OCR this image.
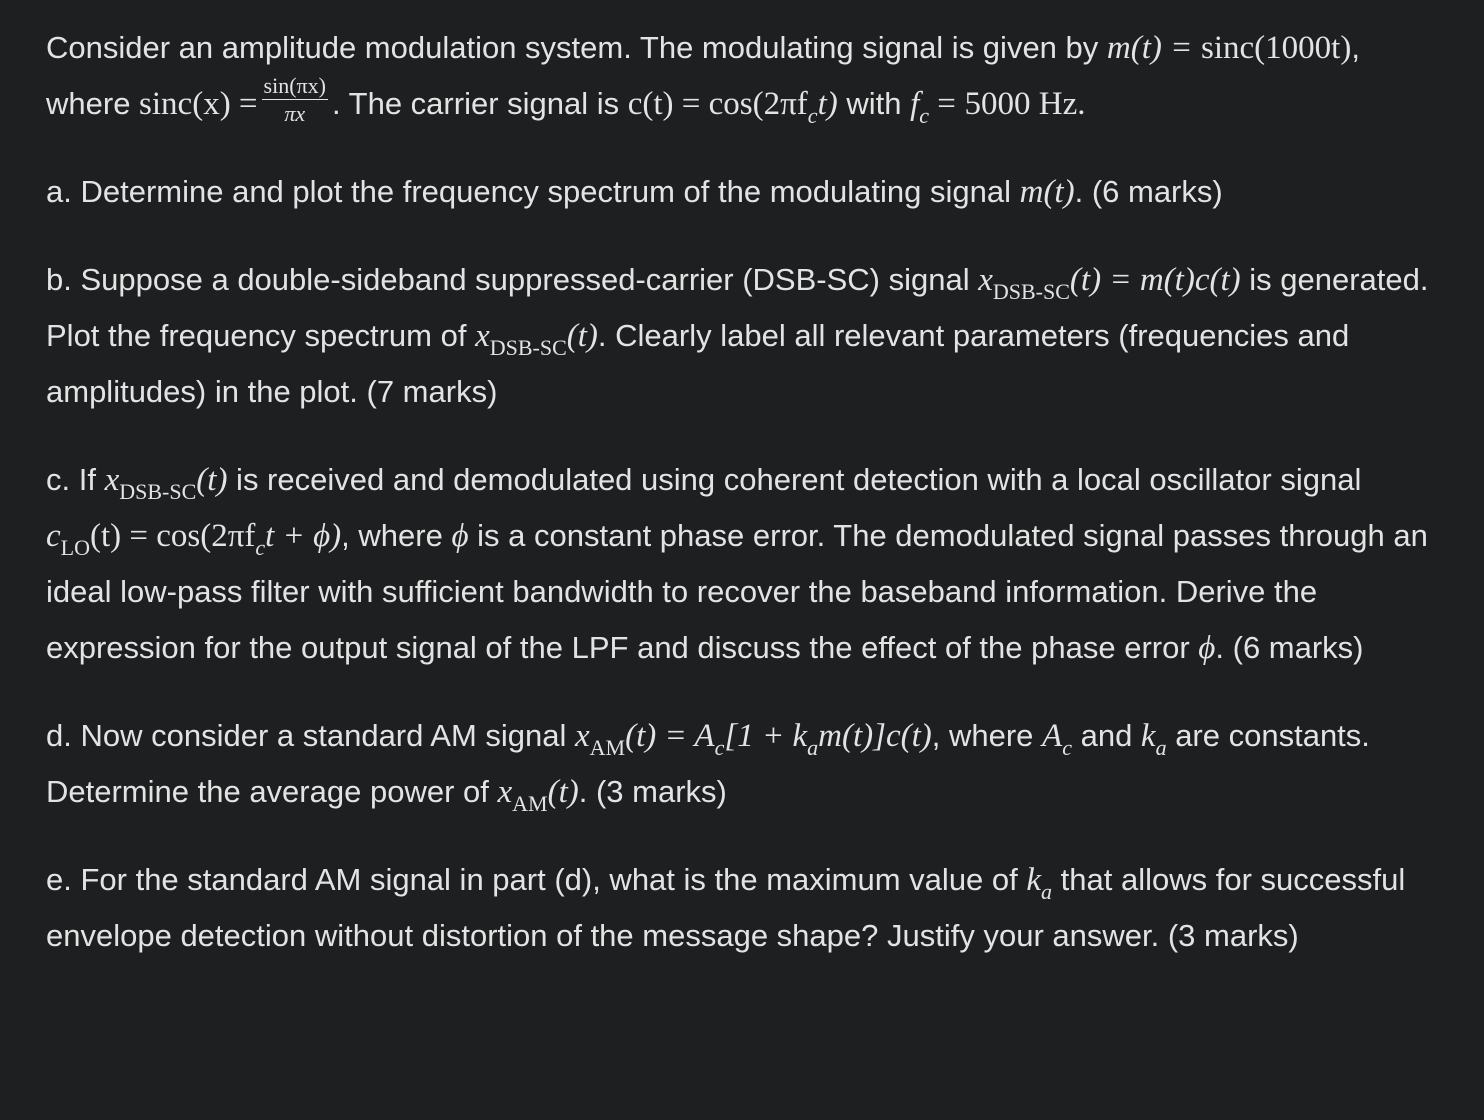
Consider an amplitude modulation system. The modulating signal is given by m(t) = sinc(1000t), where $\sin c(x) = \frac{\sin(\pi x)}{\pi x}$ . The carrier signal is $c(t) = \cos(2\pi f_ct)$ with $f_c = 5000$ Hz.

a. Determine and plot the frequency spectrum of the modulating signal m(t). (6 marks)

b. Suppose a double-sideband suppressed-carrier (DSB-SC) signal $x_{DSB-SC}(t) = m(t)c(t)$ is generated. Plot the frequency spectrum of $x_{DSB-SC}(t)$. Clearly label all relevant parameters (frequencies and amplitudes) in the plot. (7 marks)

c. If $x_{DSB-SC}(t)$ is received and demodulated using coherent detection with a local oscillator signal $c_{LO}(t) = \cos(2\pi f_ct + \phi)$, where ϕ is a constant phase error. The demodulated signal passes through an ideal low-pass filter with sufficient bandwidth to recover the baseband information. Derive the expression for the output signal of the LPF and discuss the effect of the phase error ϕ. (6 marks)

d. Now consider a standard AM signal $x_{AM}(t) = A_c[1 + k_am(t)]c(t)$, where $A_c$ and $k_a$ are constants. Determine the average power of $x_{AM}(t)$. (3 marks)

e. For the standard AM signal in part (d), what is the maximum value of $k_a$ that allows for successful envelope detection without distortion of the message shape? Justify your answer. (3 marks)
